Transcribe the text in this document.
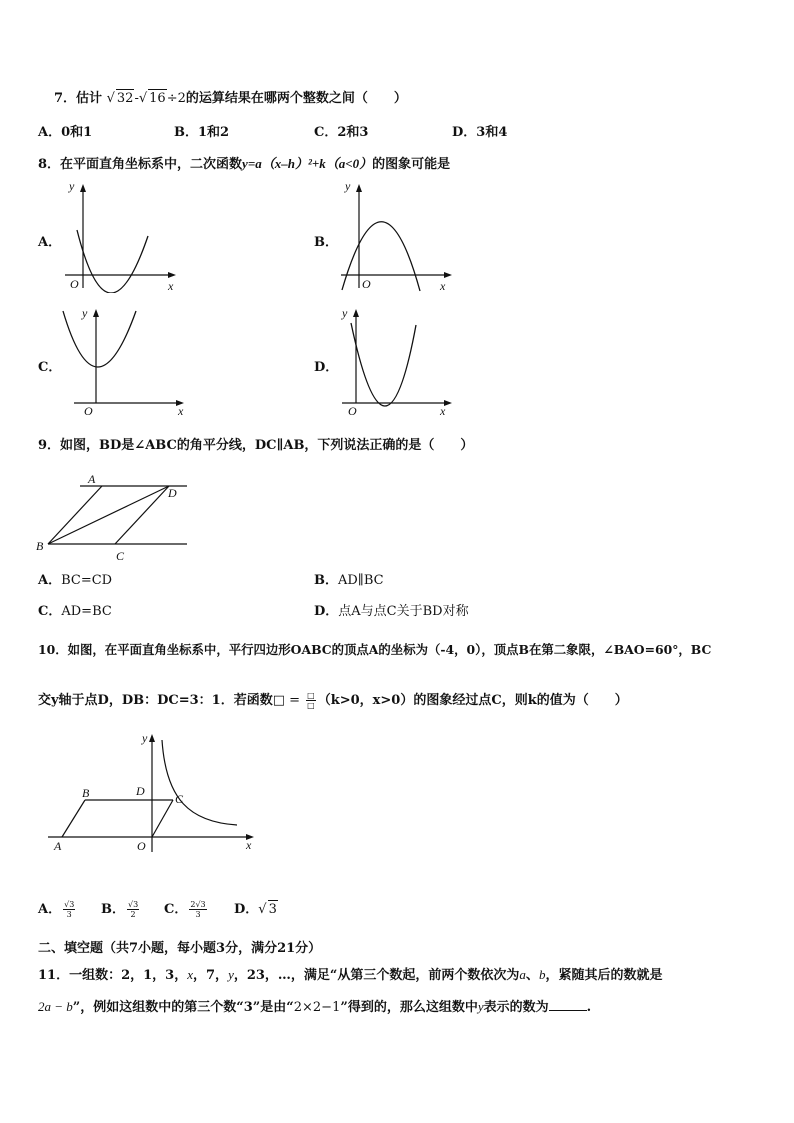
7．估计 √ 32-√ 16÷2的运算结果在哪两个整数之间（　　）
A．0和1	B．1和2	C．2和3	D．3和4
8．在平面直角坐标系中，二次函数y=a（x–h）²+k（a<0）的图象可能是
A．	B．
C．	D．
y
x
O
y
x
O
y
x
O
y
x
O
9．如图，BD是∠ABC的角平分线，DC∥AB，下列说法正确的是（　　）
A
B
C
D
A．BC=CD	B．AD∥BC
C．AD=BC	D．点A与点C关于BD对称
10．如图，在平面直角坐标系中，平行四边形OABC的顶点A的坐标为（-4，0），顶点B在第二象限，∠BAO=60°，BC
交y轴于点D，DB：DC=3：1．若函数□ = $\frac{□}{□} (k>0$，x>0）的图象经过点C，则k的值为（　　）
y
x
O
A
B	D
C
A． $\frac{√3}{3}$ B． $\frac{√3}{2}$ C． $\frac{2√3}{3}$ D．√ 3
二、填空题（共7小题，每小题3分，满分21分）
11．一组数：2，1，3，x，7，y，23，…，满足“从第三个数起，前两个数依次为a、b，紧随其后的数就是
2a − b”，例如这组数中的第三个数“3”是由“2×2−1”得到的，那么这组数中y表示的数为	.
